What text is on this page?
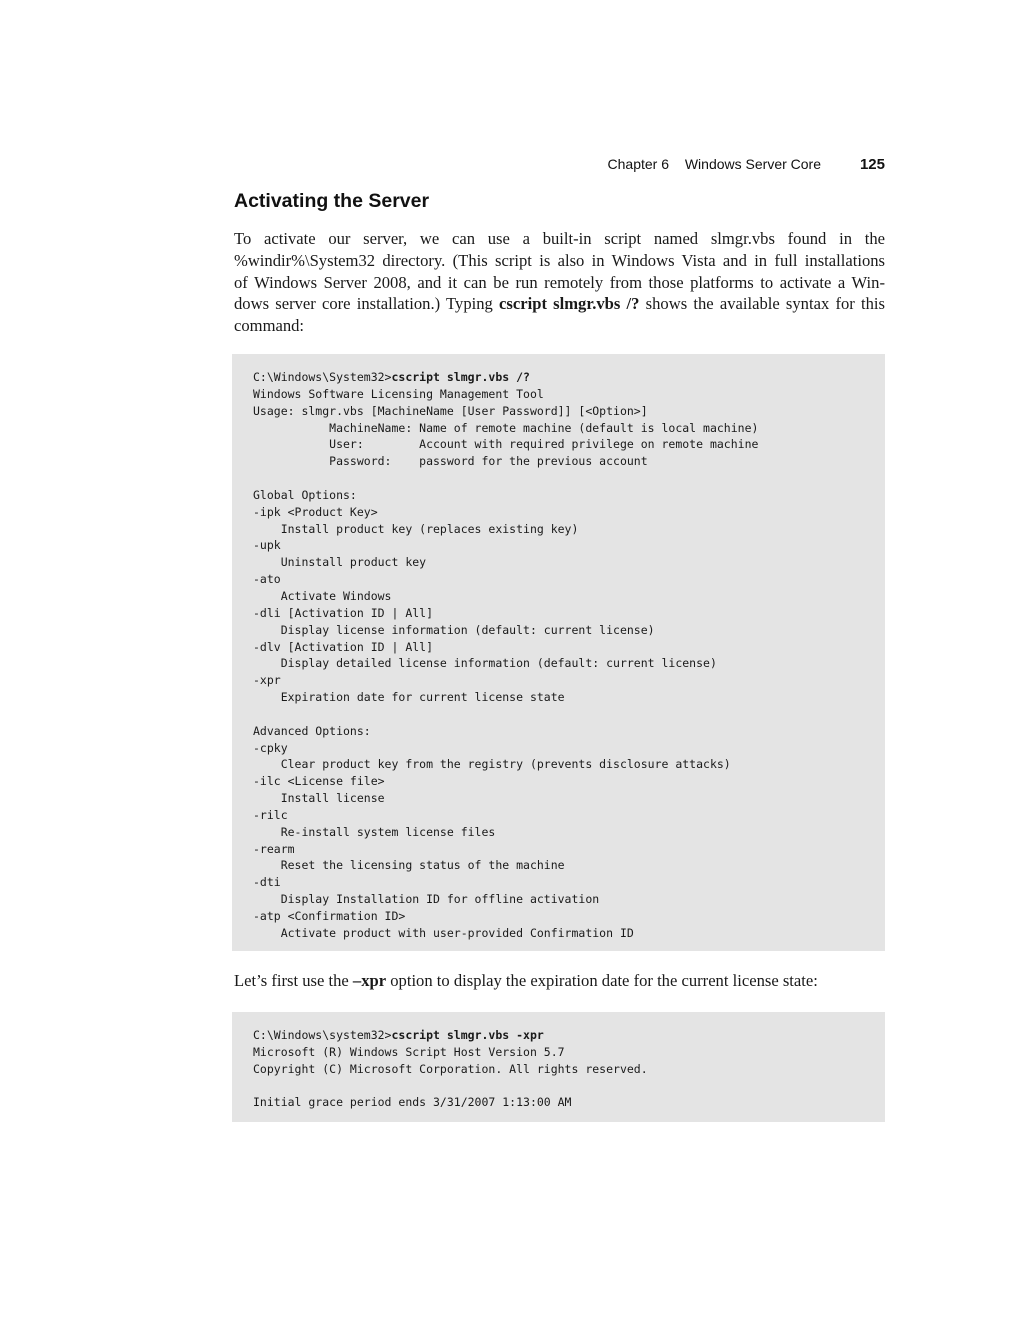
Chapter 6 Windows Server Core	125
Activating the Server

To activate our server, we can use a built-in script named slmgr.vbs found in the
%windir%\System32 directory. (This script is also in Windows Vista and in full installations
of Windows Server 2008, and it can be run remotely from those platforms to activate a Win-
dows server core installation.) Typing cscript slmgr.vbs /? shows the available syntax for this
command:

C:\Windows\System32>cscript slmgr.vbs /?
Windows Software Licensing Management Tool
Usage: slmgr.vbs [MachineName [User Password]] [<Option>]
MachineName: Name of remote machine (default is local machine)
User:        Account with required privilege on remote machine
Password:    password for the previous account
Global Options:
-ipk <Product Key>
Install product key (replaces existing key)
-upk
Uninstall product key
-ato
Activate Windows
-dli [Activation ID | All]
Display license information (default: current license)
-dlv [Activation ID | All]
Display detailed license information (default: current license)
-xpr
Expiration date for current license state
Advanced Options:
-cpky
Clear product key from the registry (prevents disclosure attacks)
-ilc <License file>
Install license
-rilc
Re-install system license files
-rearm
Reset the licensing status of the machine
-dti
Display Installation ID for offline activation
-atp <Confirmation ID>
Activate product with user-provided Confirmation ID

Let’s first use the –xpr option to display the expiration date for the current license state:

C:\Windows\system32>cscript slmgr.vbs -xpr
Microsoft (R) Windows Script Host Version 5.7
Copyright (C) Microsoft Corporation. All rights reserved.
Initial grace period ends 3/31/2007 1:13:00 AM
